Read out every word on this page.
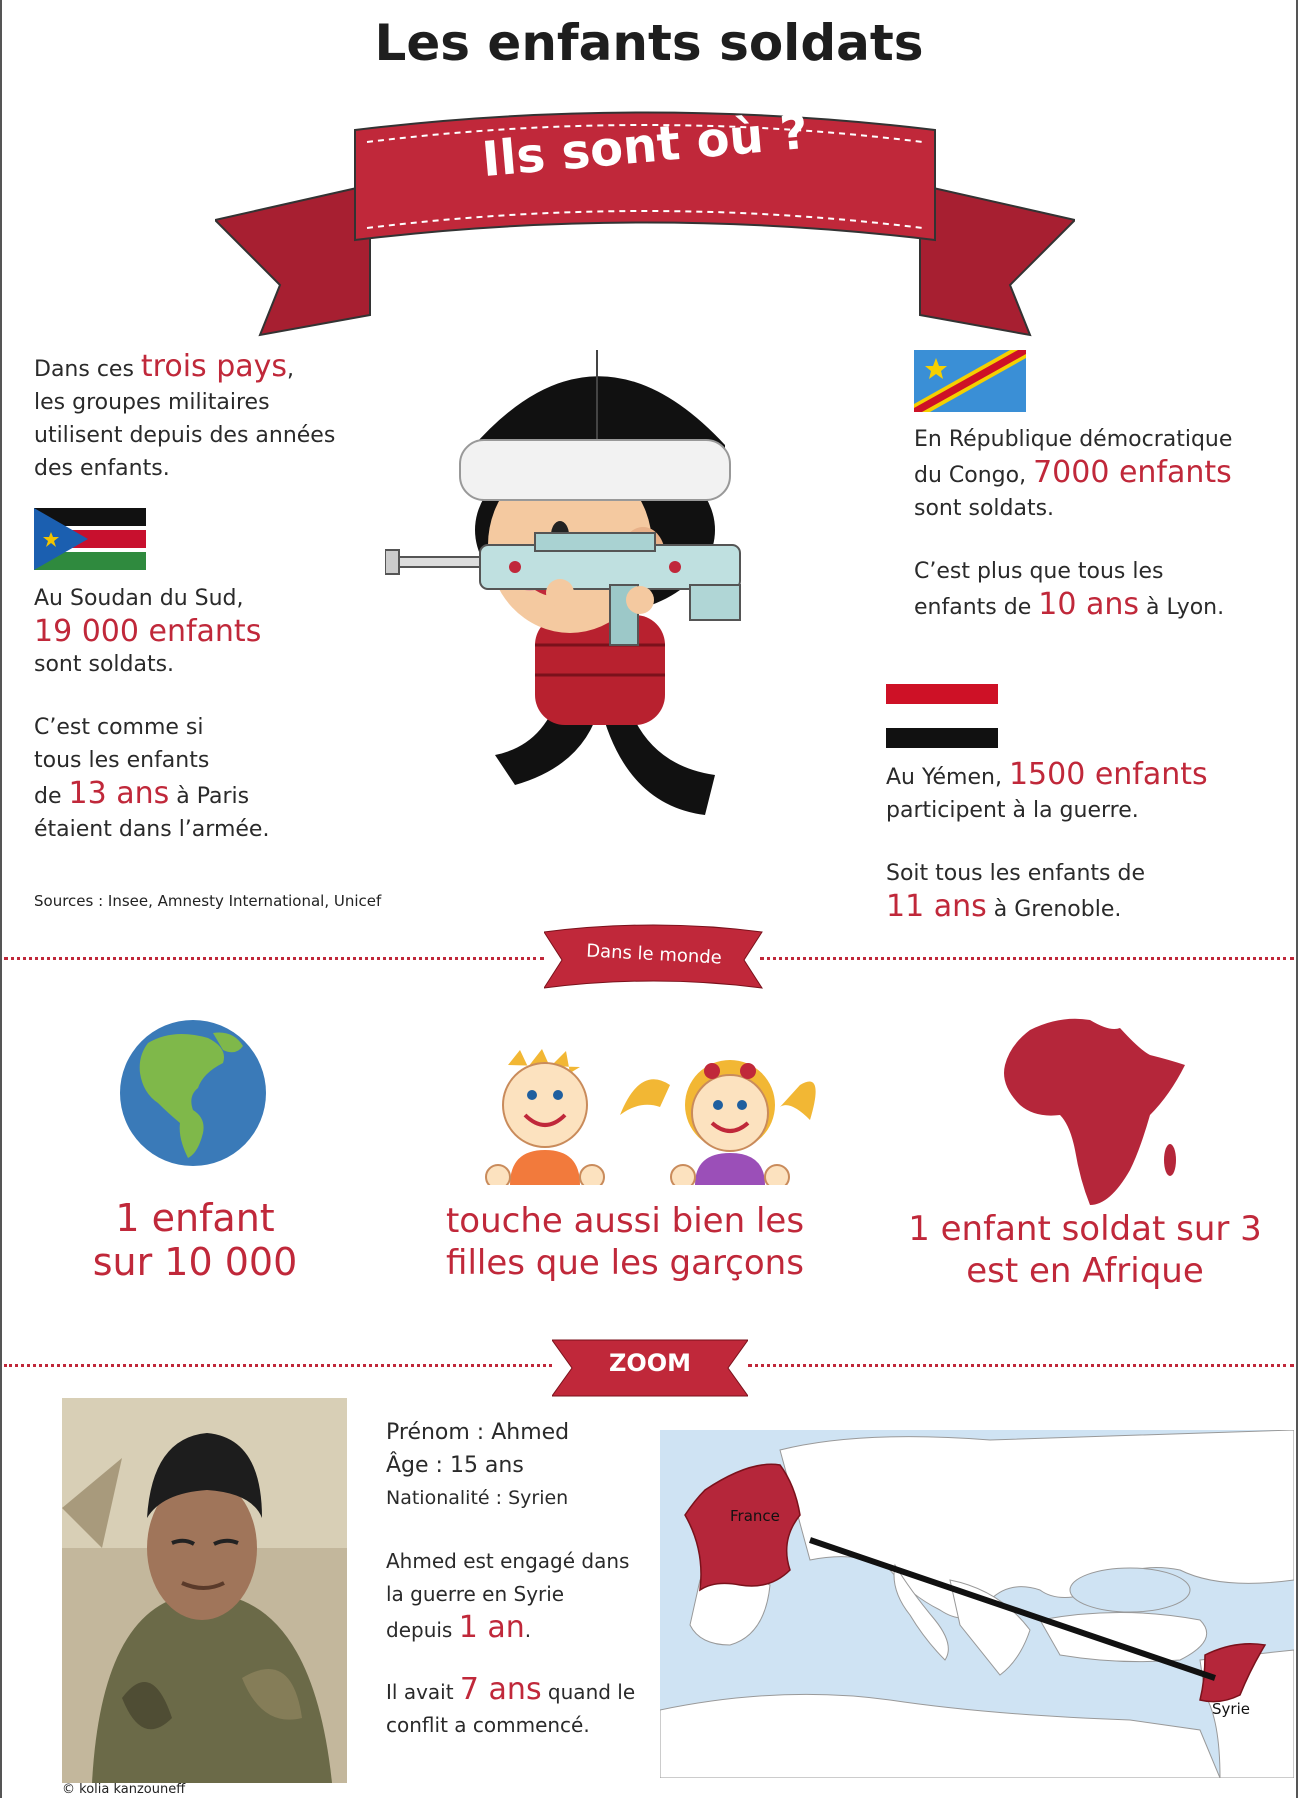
Les enfants soldats
Ils sont où ?
Dans ces trois pays,
les groupes militaires
utilisent depuis des années
des enfants.
Au Soudan du Sud,
19 000 enfants
sont soldats.
C’est comme si
tous les enfants
de 13 ans à Paris
étaient dans l’armée.
Sources : Insee, Amnesty International, Unicef
En République démocratique
du Congo, 7000 enfants
sont soldats.
C’est plus que tous les
enfants de 10 ans à Lyon.
Au Yémen, 1500 enfants
participent à la guerre.
Soit tous les enfants de
11 ans à Grenoble.
Dans le monde
1 enfant
sur 10 000
touche aussi bien les
filles que les garçons
1 enfant soldat sur 3
est en Afrique
ZOOM
© kolia kanzouneff
Prénom : Ahmed
Âge : 15 ans
Nationalité : Syrien
Ahmed est engagé dans
la guerre en Syrie
depuis 1 an.
Il avait 7 ans quand le
conflit a commencé.
France
Syrie
